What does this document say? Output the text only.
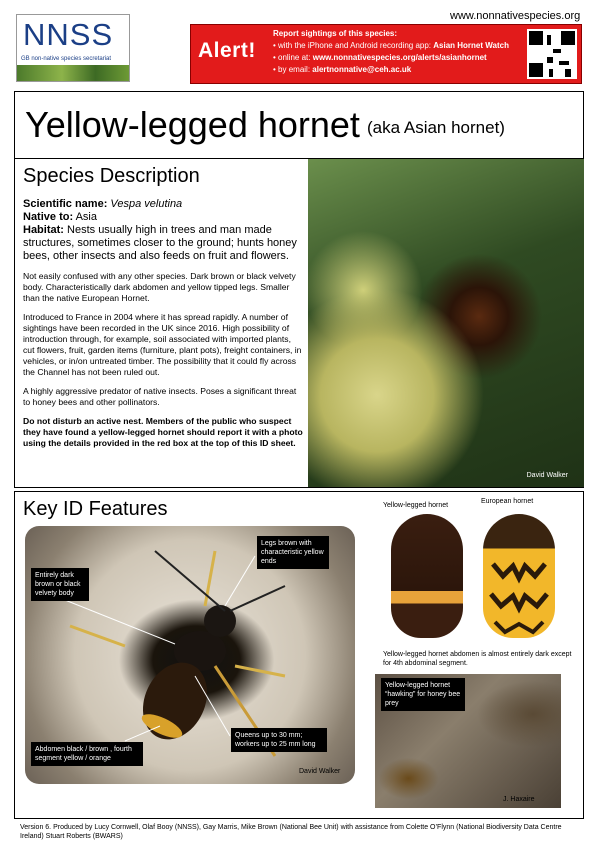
NNSS
GB non-native species secretariat
www.nonnativespecies.org
Alert!
Report sightings of this species:
• with the iPhone and Android recording app: Asian Hornet Watch
• online at: www.nonnativespecies.org/alerts/asianhornet
• by email: alertnonnative@ceh.ac.uk
Yellow-legged hornet (aka Asian hornet)
Species Description

Scientific name: Vespa velutina

Native to: Asia

Habitat: Nests usually high in trees and man made structures, sometimes closer to the ground; hunts honey bees, other insects and also feeds on fruit and flowers.

Not easily confused with any other species. Dark brown or black velvety body. Characteristically dark abdomen and yellow tipped legs. Smaller than the native European Hornet.

Introduced to France in 2004 where it has spread rapidly. A number of sightings have been recorded in the UK since 2016. High possibility of introduction through, for example, soil associated with imported plants, cut flowers, fruit, garden items (furniture, plant pots), freight containers, in vehicles, or in/on untreated timber. The possibility that it could fly across the Channel has not been ruled out.

A highly aggressive predator of native insects. Poses a significant threat to honey bees and other pollinators.

Do not disturb an active nest. Members of the public who suspect they have found a yellow-legged hornet should report it with a photo using the details provided in the red box at the top of this ID sheet.

David Walker
Key ID Features
Legs brown with characteristic yellow ends
Entirely dark brown or black velvety body
Abdomen black / brown , fourth segment yellow / orange
Queens up to 30 mm; workers up to 25 mm long
David Walker
Yellow-legged hornet
European hornet
Yellow-legged hornet abdomen is almost entirely dark except for 4th abdominal segment.
Yellow-legged hornet “hawking” for honey bee prey
J. Haxaire
Version 6. Produced by Lucy Cornwell, Olaf Booy (NNSS), Gay Marris, Mike Brown (National Bee Unit) with assistance from Colette O’Flynn (National Biodiversity Data Centre Ireland) Stuart Roberts (BWARS)
